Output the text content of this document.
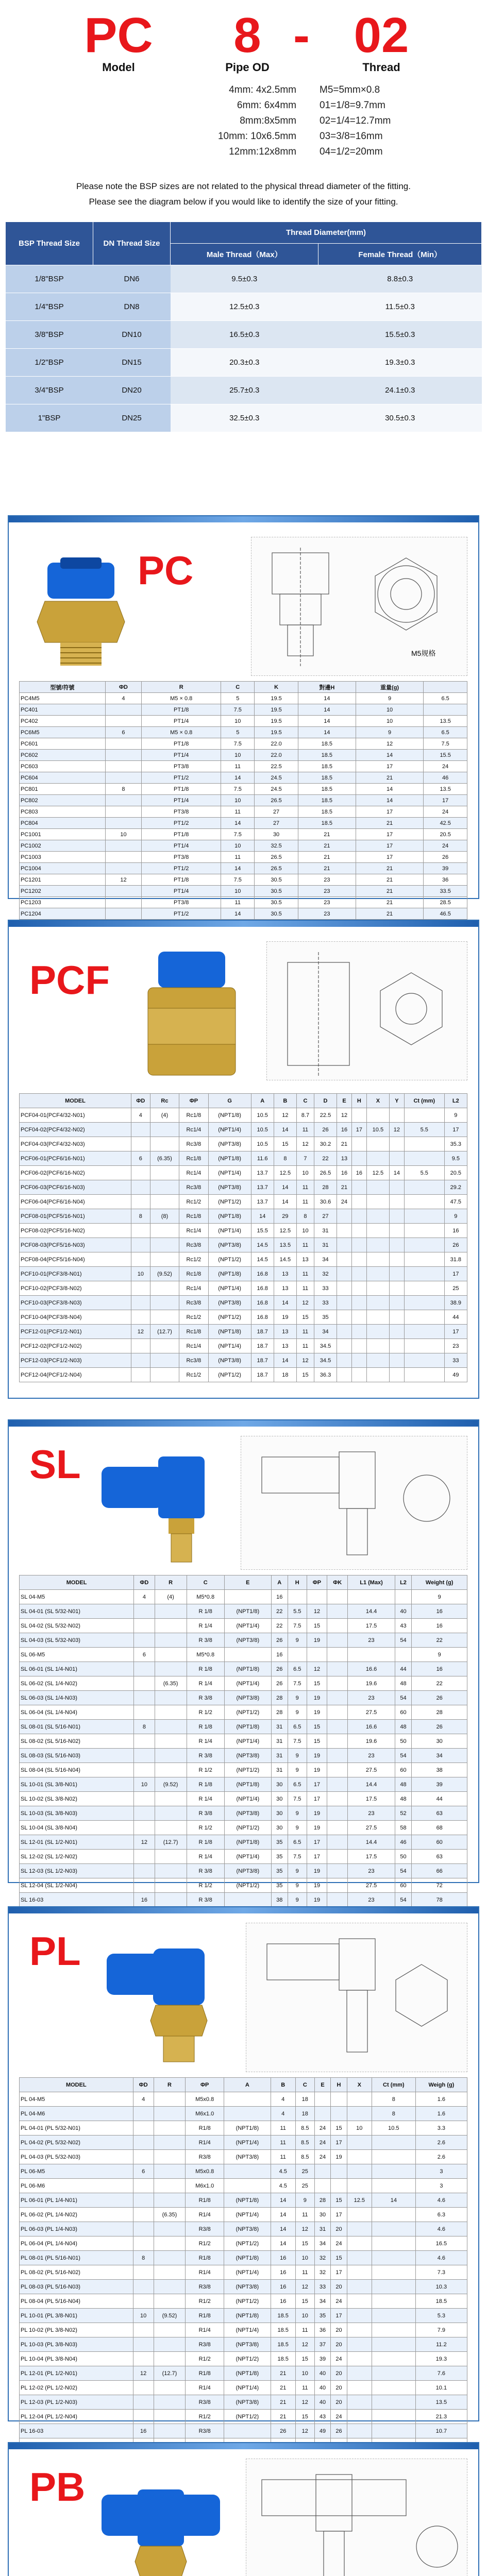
PC	8 - 02
Model	Pipe OD	Thread
4mm: 4x2.5mm
6mm: 6x4mm
8mm:8x5mm
10mm: 10x6.5mm
12mm:12x8mm
M5=5mm×0.8
01=1/8=9.7mm
02=1/4=12.7mm
03=3/8=16mm
04=1/2=20mm
Please note the BSP sizes are not related to the physical thread diameter of the fitting.
Please see the diagram below if you would like to identify the size of your fitting.
BSP Thread Size	DN Thread Size	Thread Diameter(mm)	
		Male Thread（Max）	Female Thread（Min）
1/8"BSP	DN6	9.5±0.3	8.8±0.3
1/4"BSP	DN8	12.5±0.3	11.5±0.3
3/8"BSP	DN10	16.5±0.3	15.5±0.3
1/2"BSP	DN15	20.3±0.3	19.3±0.3
3/4"BSP	DN20	25.7±0.3	24.1±0.3
1"BSP	DN25	32.5±0.3	30.5±0.3
PC
M5规格
型號/符號	ΦD	R	C	K	對邊H	重量(g)	
PC4M5	4	M5 × 0.8	5	19.5	14	9	6.5
PC401		PT1/8	7.5	19.5	14	10	
PC402		PT1/4	10	19.5	14	10	13.5
PC6M5	6	M5 × 0.8	5	19.5	14	9	6.5
PC601		PT1/8	7.5	22.0	18.5	12	7.5
PC602		PT1/4	10	22.0	18.5	14	15.5
PC603		PT3/8	11	22.5	18.5	17	24
PC604		PT1/2	14	24.5	18.5	21	46
PC801	8	PT1/8	7.5	24.5	18.5	14	13.5
PC802		PT1/4	10	26.5	18.5	14	17
PC803		PT3/8	11	27	18.5	17	24
PC804		PT1/2	14	27	18.5	21	42.5
PC1001	10	PT1/8	7.5	30	21	17	20.5
PC1002		PT1/4	10	32.5	21	17	24
PC1003		PT3/8	11	26.5	21	17	26
PC1004		PT1/2	14	26.5	21	21	39
PC1201	12	PT1/8	7.5	30.5	23	21	36
PC1202		PT1/4	10	30.5	23	21	33.5
PC1203		PT3/8	11	30.5	23	21	28.5
PC1204		PT1/2	14	30.5	23	21	46.5
PCF
MODEL	ΦD	Rc	ΦP	G	A	B	C	D	E	H	X	Y	Ct (mm)	L2
PCF04-01(PCF4/32-N01)	4	(4)	Rc1/8	(NPT1/8)	10.5	12	8.7	22.5	12					9
PCF04-02(PCF4/32-N02)			Rc1/4	(NPT1/4)	10.5	14	11	26	16	17	10.5	12	5.5	17
PCF04-03(PCF4/32-N03)			Rc3/8	(NPT3/8)	10.5	15	12	30.2	21					35.3
PCF06-01(PCF6/16-N01)	6	(6.35)	Rc1/8	(NPT1/8)	11.6	8	7	22	13					9.5
PCF06-02(PCF6/16-N02)			Rc1/4	(NPT1/4)	13.7	12.5	10	26.5	16	16	12.5	14	5.5	20.5
PCF06-03(PCF6/16-N03)			Rc3/8	(NPT3/8)	13.7	14	11	28	21					29.2
PCF06-04(PCF6/16-N04)			Rc1/2	(NPT1/2)	13.7	14	11	30.6	24					47.5
PCF08-01(PCF5/16-N01)	8	(8)	Rc1/8	(NPT1/8)	14	29	8	27						9
PCF08-02(PCF5/16-N02)			Rc1/4	(NPT1/4)	15.5	12.5	10	31						16
PCF08-03(PCF5/16-N03)			Rc3/8	(NPT3/8)	14.5	13.5	11	31						26
PCF08-04(PCF5/16-N04)			Rc1/2	(NPT1/2)	14.5	14.5	13	34						31.8
PCF10-01(PCF3/8-N01)	10	(9.52)	Rc1/8	(NPT1/8)	16.8	13	11	32						17
PCF10-02(PCF3/8-N02)			Rc1/4	(NPT1/4)	16.8	13	11	33						25
PCF10-03(PCF3/8-N03)			Rc3/8	(NPT3/8)	16.8	14	12	33						38.9
PCF10-04(PCF3/8-N04)			Rc1/2	(NPT1/2)	16.8	19	15	35						44
PCF12-01(PCF1/2-N01)	12	(12.7)	Rc1/8	(NPT1/8)	18.7	13	11	34						17
PCF12-02(PCF1/2-N02)			Rc1/4	(NPT1/4)	18.7	13	11	34.5						23
PCF12-03(PCF1/2-N03)			Rc3/8	(NPT3/8)	18.7	14	12	34.5						33
PCF12-04(PCF1/2-N04)			Rc1/2	(NPT1/2)	18.7	18	15	36.3						49
SL
MODEL	ΦD	R	C	E	A	H	ΦP	ΦK	L1 (Max)	L2	Weight (g)
SL 04-M5	4	(4)	M5*0.8		16						9
SL 04-01 (SL 5/32-N01)			R 1/8	(NPT1/8)	22	5.5	12		14.4	40	16
SL 04-02 (SL 5/32-N02)			R 1/4	(NPT1/4)	22	7.5	15		17.5	43	16
SL 04-03 (SL 5/32-N03)			R 3/8	(NPT3/8)	26	9	19		23	54	22
SL 06-M5	6		M5*0.8		16						9
SL 06-01 (SL 1/4-N01)			R 1/8	(NPT1/8)	26	6.5	12		16.6	44	16
SL 06-02 (SL 1/4-N02)		(6.35)	R 1/4	(NPT1/4)	26	7.5	15		19.6	48	22
SL 06-03 (SL 1/4-N03)			R 3/8	(NPT3/8)	28	9	19		23	54	26
SL 06-04 (SL 1/4-N04)			R 1/2	(NPT1/2)	28	9	19		27.5	60	28
SL 08-01 (SL 5/16-N01)	8		R 1/8	(NPT1/8)	31	6.5	15		16.6	48	26
SL 08-02 (SL 5/16-N02)			R 1/4	(NPT1/4)	31	7.5	15		19.6	50	30
SL 08-03 (SL 5/16-N03)			R 3/8	(NPT3/8)	31	9	19		23	54	34
SL 08-04 (SL 5/16-N04)			R 1/2	(NPT1/2)	31	9	19		27.5	60	38
SL 10-01 (SL 3/8-N01)	10	(9.52)	R 1/8	(NPT1/8)	30	6.5	17		14.4	48	39
SL 10-02 (SL 3/8-N02)			R 1/4	(NPT1/4)	30	7.5	17		17.5	48	44
SL 10-03 (SL 3/8-N03)			R 3/8	(NPT3/8)	30	9	19		23	52	63
SL 10-04 (SL 3/8-N04)			R 1/2	(NPT1/2)	30	9	19		27.5	58	68
SL 12-01 (SL 1/2-N01)	12	(12.7)	R 1/8	(NPT1/8)	35	6.5	17		14.4	46	60
SL 12-02 (SL 1/2-N02)			R 1/4	(NPT1/4)	35	7.5	17		17.5	50	63
SL 12-03 (SL 1/2-N03)			R 3/8	(NPT3/8)	35	9	19		23	54	66
SL 12-04 (SL 1/2-N04)			R 1/2	(NPT1/2)	35	9	19		27.5	60	72
SL 16-03	16		R 3/8		38	9	19		23	54	78

PL
MODEL	ΦD	R	ΦP	A	B	C	E	H	X	Ct (mm)	Weigh (g)
PL 04-M5	4		M5x0.8		4	18				8	1.6
PL 04-M6			M6x1.0		4	18				8	1.6
PL 04-01 (PL 5/32-N01)			R1/8	(NPT1/8)	11	8.5	24	15	10	10.5	3.3
PL 04-02 (PL 5/32-N02)			R1/4	(NPT1/4)	11	8.5	24	17			2.6
PL 04-03 (PL 5/32-N03)			R3/8	(NPT3/8)	11	8.5	24	19			2.6
PL 06-M5	6		M5x0.8		4.5	25					3
PL 06-M6			M6x1.0		4.5	25					3
PL 06-01 (PL 1/4-N01)			R1/8	(NPT1/8)	14	9	28	15	12.5	14	4.6
PL 06-02 (PL 1/4-N02)		(6.35)	R1/4	(NPT1/4)	14	11	30	17			6.3
PL 06-03 (PL 1/4-N03)			R3/8	(NPT3/8)	14	12	31	20			4.6
PL 06-04 (PL 1/4-N04)			R1/2	(NPT1/2)	14	15	34	24			16.5
PL 08-01 (PL 5/16-N01)	8		R1/8	(NPT1/8)	16	10	32	15			4.6
PL 08-02 (PL 5/16-N02)			R1/4	(NPT1/4)	16	11	32	17			7.3
PL 08-03 (PL 5/16-N03)			R3/8	(NPT3/8)	16	12	33	20			10.3
PL 08-04 (PL 5/16-N04)			R1/2	(NPT1/2)	16	15	34	24			18.5
PL 10-01 (PL 3/8-N01)	10	(9.52)	R1/8	(NPT1/8)	18.5	10	35	17			5.3
PL 10-02 (PL 3/8-N02)			R1/4	(NPT1/4)	18.5	11	36	20			7.9
PL 10-03 (PL 3/8-N03)			R3/8	(NPT3/8)	18.5	12	37	20			11.2
PL 10-04 (PL 3/8-N04)			R1/2	(NPT1/2)	18.5	15	39	24			19.3
PL 12-01 (PL 1/2-N01)	12	(12.7)	R1/8	(NPT1/8)	21	10	40	20			7.6
PL 12-02 (PL 1/2-N02)			R1/4	(NPT1/4)	21	11	40	20			10.1
PL 12-03 (PL 1/2-N03)			R3/8	(NPT3/8)	21	12	40	20			13.5
PL 12-04 (PL 1/2-N04)			R1/2	(NPT1/2)	21	15	43	24			21.3
PL 16-03	16		R3/8		26	12	49	26			10.7

PB
